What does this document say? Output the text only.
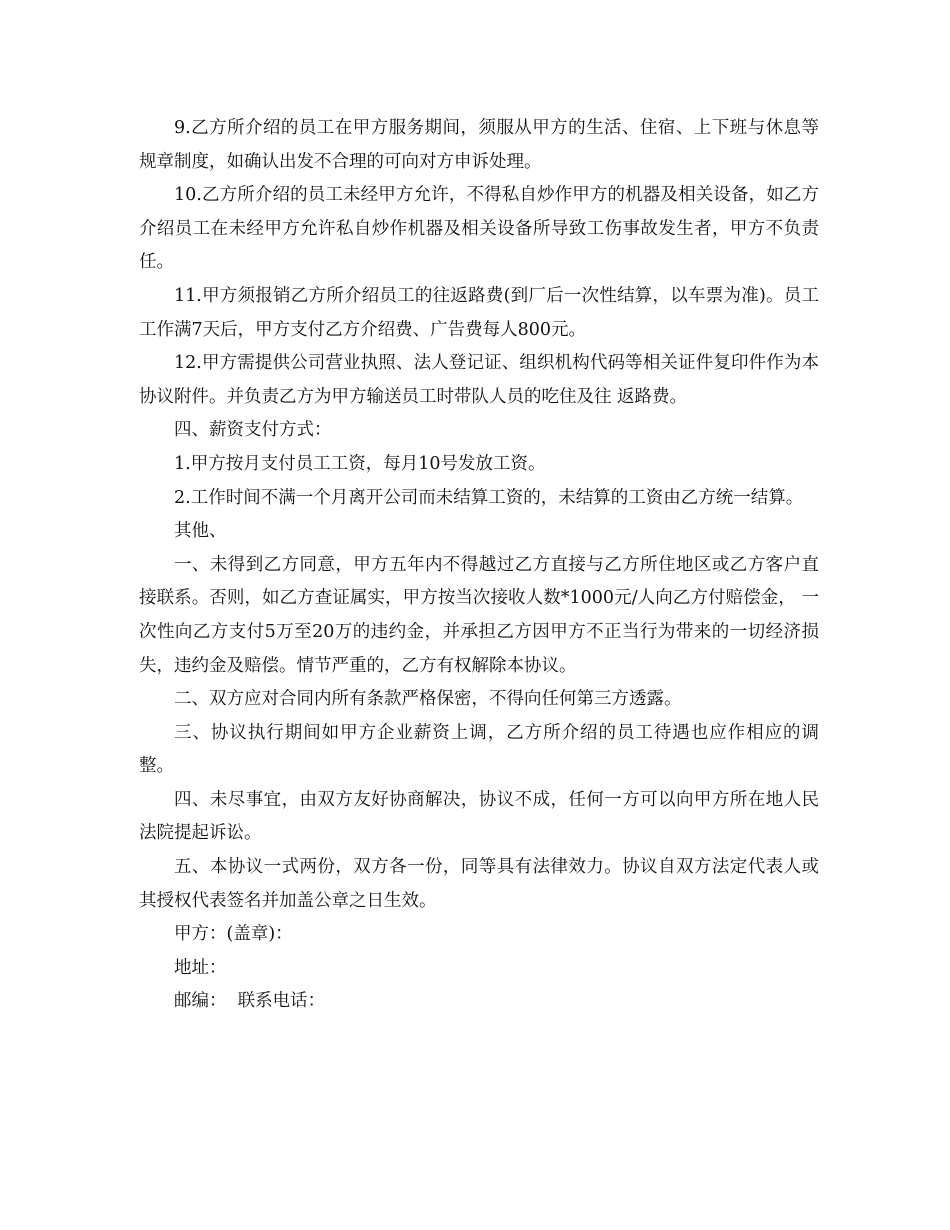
9.乙方所介绍的员工在甲方服务期间，须服从甲方的生活、住宿、上下班与休息等规章制度，如确认出发不合理的可向对方申诉处理。

10.乙方所介绍的员工未经甲方允许，不得私自炒作甲方的机器及相关设备，如乙方介绍员工在未经甲方允许私自炒作机器及相关设备所导致工伤事故发生者，甲方不负责任。

11.甲方须报销乙方所介绍员工的往返路费(到厂后一次性结算，以车票为准)。员工工作满7天后，甲方支付乙方介绍费、广告费每人800元。

12.甲方需提供公司营业执照、法人登记证、组织机构代码等相关证件复印件作为本协议附件。并负责乙方为甲方输送员工时带队人员的吃住及往 返路费。

四、薪资支付方式：

1.甲方按月支付员工工资，每月10号发放工资。

2.工作时间不满一个月离开公司而未结算工资的，未结算的工资由乙方统一结算。

其他、

一、未得到乙方同意，甲方五年内不得越过乙方直接与乙方所住地区或乙方客户直接联系。否则，如乙方查证属实，甲方按当次接收人数*1000元/人向乙方付赔偿金， 一次性向乙方支付5万至20万的违约金，并承担乙方因甲方不正当行为带来的一切经济损失，违约金及赔偿。情节严重的，乙方有权解除本协议。

二、双方应对合同内所有条款严格保密，不得向任何第三方透露。

三、协议执行期间如甲方企业薪资上调，乙方所介绍的员工待遇也应作相应的调整。

四、未尽事宜，由双方友好协商解决，协议不成，任何一方可以向甲方所在地人民法院提起诉讼。

五、本协议一式两份，双方各一份，同等具有法律效力。协议自双方法定代表人或其授权代表签名并加盖公章之日生效。

甲方：(盖章)：

地址：

邮编：  联系电话：
